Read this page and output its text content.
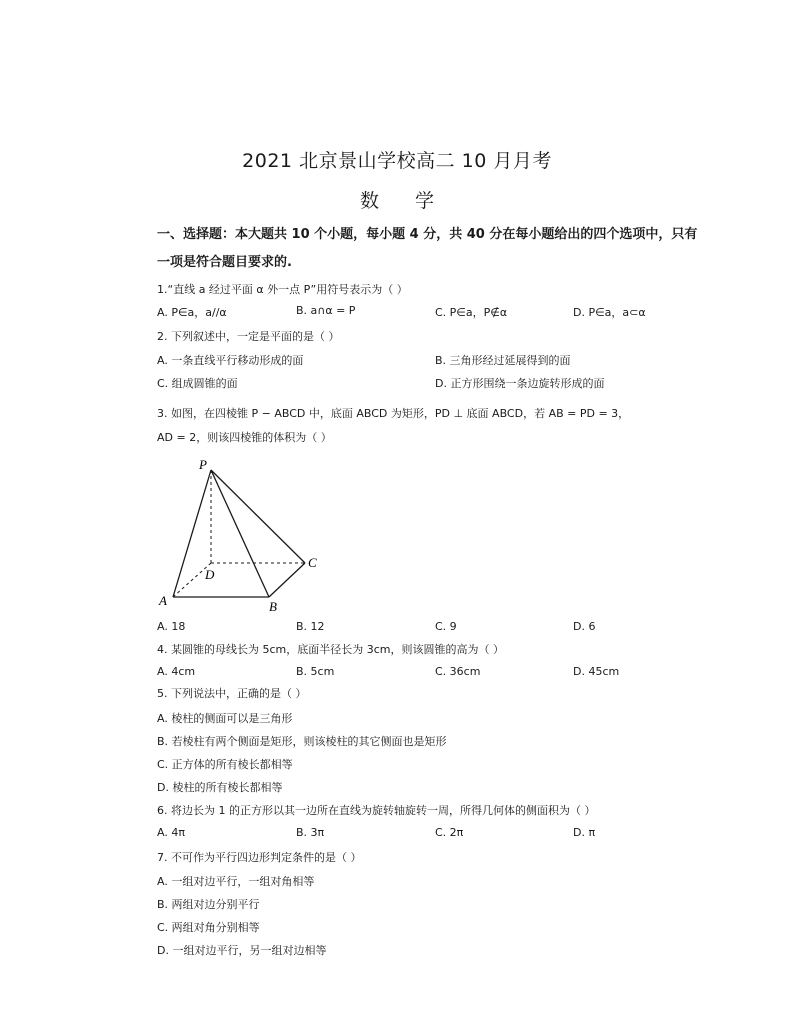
2021 北京景山学校高二 10 月月考
数 学
一、选择题：本大题共 10 个小题，每小题 4 分，共 40 分在每小题给出的四个选项中，只有
一项是符合题目要求的.
1.“直线 a 经过平面 α 外一点 P”用符号表示为（ ）
A. P∈a，a//α	B. a∩α = P	C. P∈a，P∉α	D. P∈a，a⊂α
2. 下列叙述中，一定是平面的是（ ）
A. 一条直线平行移动形成的面	B. 三角形经过延展得到的面
C. 组成圆锥的面	D. 正方形围绕一条边旋转形成的面
3. 如图，在四棱锥 P − ABCD 中，底面 ABCD 为矩形，PD ⊥ 底面 ABCD，若 AB = PD = 3，
AD = 2，则该四棱锥的体积为（ ）
P
A	B
C
D
A. 18	B. 12	C. 9	D. 6
4. 某圆锥的母线长为 5cm，底面半径长为 3cm，则该圆锥的高为（ ）
A. 4cm	B. 5cm	C. 36cm	D. 45cm
5. 下列说法中，正确的是（ ）
A. 棱柱的侧面可以是三角形
B. 若棱柱有两个侧面是矩形，则该棱柱的其它侧面也是矩形
C. 正方体的所有棱长都相等
D. 棱柱的所有棱长都相等
6. 将边长为 1 的正方形以其一边所在直线为旋转轴旋转一周，所得几何体的侧面积为（ ）
A. 4π	B. 3π	C. 2π	D. π
7. 不可作为平行四边形判定条件的是（ ）
A. 一组对边平行，一组对角相等
B. 两组对边分别平行
C. 两组对角分别相等
D. 一组对边平行，另一组对边相等
